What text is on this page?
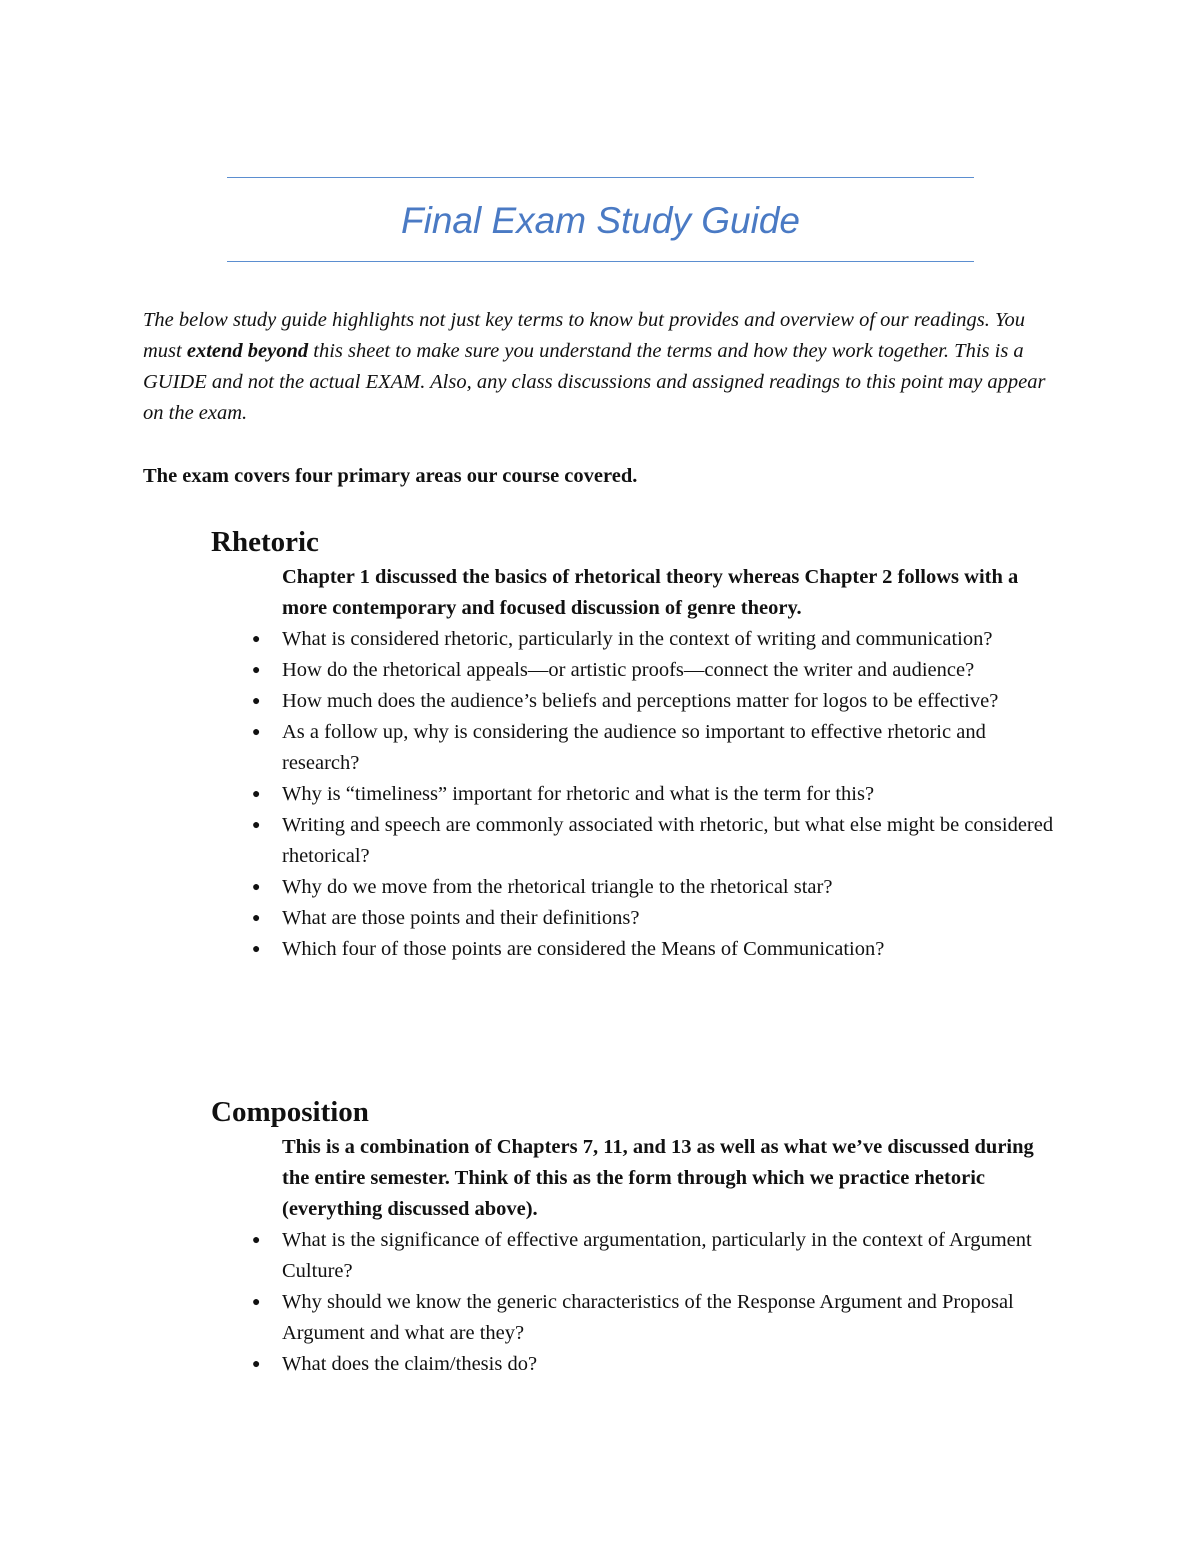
Final Exam Study Guide
The below study guide highlights not just key terms to know but provides and overview of our readings. You must extend beyond this sheet to make sure you understand the terms and how they work together. This is a GUIDE and not the actual EXAM. Also, any class discussions and assigned readings to this point may appear on the exam.
The exam covers four primary areas our course covered.
Rhetoric

Chapter 1 discussed the basics of rhetorical theory whereas Chapter 2 follows with a more contemporary and focused discussion of genre theory.

● What is considered rhetoric, particularly in the context of writing and communication?
● How do the rhetorical appeals—or artistic proofs—connect the writer and audience?
● How much does the audience’s beliefs and perceptions matter for logos to be effective?
● As a follow up, why is considering the audience so important to effective rhetoric and research?
● Why is “timeliness” important for rhetoric and what is the term for this?
● Writing and speech are commonly associated with rhetoric, but what else might be considered rhetorical?
● Why do we move from the rhetorical triangle to the rhetorical star?
● What are those points and their definitions?
● Which four of those points are considered the Means of Communication?
Composition

This is a combination of Chapters 7, 11, and 13 as well as what we’ve discussed during the entire semester. Think of this as the form through which we practice rhetoric (everything discussed above).

● What is the significance of effective argumentation, particularly in the context of Argument Culture?
● Why should we know the generic characteristics of the Response Argument and Proposal Argument and what are they?
● What does the claim/thesis do?
